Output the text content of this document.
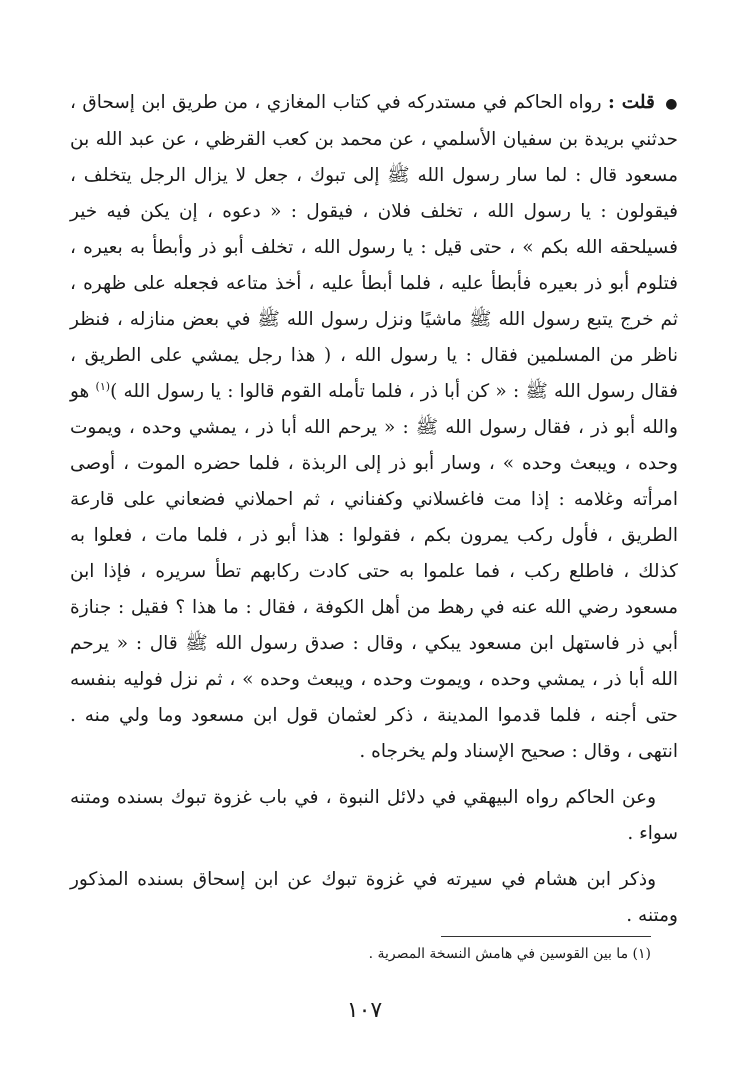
● قلت : رواه الحاكم في مستدركه في كتاب المغازي ، من طريق ابن إسحاق ، حدثني بريدة بن سفيان الأسلمي ، عن محمد بن كعب القرظي ، عن عبد الله بن مسعود قال : لما سار رسول الله ﷺ إلى تبوك ، جعل لا يزال الرجل يتخلف ، فيقولون : يا رسول الله ، تخلف فلان ، فيقول : « دعوه ، إن يكن فيه خير فسيلحقه الله بكم » ، حتى قيل : يا رسول الله ، تخلف أبو ذر وأبطأ به بعيره ، فتلوم أبو ذر بعيره فأبطأ عليه ، فلما أبطأ عليه ، أخذ متاعه فجعله على ظهره ، ثم خرج يتبع رسول الله ﷺ ماشيًا ونزل رسول الله ﷺ في بعض منازله ، فنظر ناظر من المسلمين فقال : يا رسول الله ، ( هذا رجل يمشي على الطريق ، فقال رسول الله ﷺ : « كن أبا ذر ، فلما تأمله القوم قالوا : يا رسول الله )$^{(١)}$ هو والله أبو ذر ، فقال رسول الله ﷺ : « يرحم الله أبا ذر ، يمشي وحده ، ويموت وحده ، ويبعث وحده » ، وسار أبو ذر إلى الربذة ، فلما حضره الموت ، أوصى امرأته وغلامه : إذا مت فاغسلاني وكفناني ، ثم احملاني فضعاني على قارعة الطريق ، فأول ركب يمرون بكم ، فقولوا : هذا أبو ذر ، فلما مات ، فعلوا به كذلك ، فاطلع ركب ، فما علموا به حتى كادت ركابهم تطأ سريره ، فإذا ابن مسعود رضي الله عنه في رهط من أهل الكوفة ، فقال : ما هذا ؟ فقيل : جنازة أبي ذر فاستهل ابن مسعود يبكي ، وقال : صدق رسول الله ﷺ قال : « يرحم الله أبا ذر ، يمشي وحده ، ويموت وحده ، ويبعث وحده » ، ثم نزل فوليه بنفسه حتى أجنه ، فلما قدموا المدينة ، ذكر لعثمان قول ابن مسعود وما ولي منه . انتهى ، وقال : صحيح الإسناد ولم يخرجاه .

وعن الحاكم رواه البيهقي في دلائل النبوة ، في باب غزوة تبوك بسنده ومتنه سواء .

وذكر ابن هشام في سيرته في غزوة تبوك عن ابن إسحاق بسنده المذكور ومتنه .

(١) ما بين القوسين في هامش النسخة المصرية .
١٠٧
